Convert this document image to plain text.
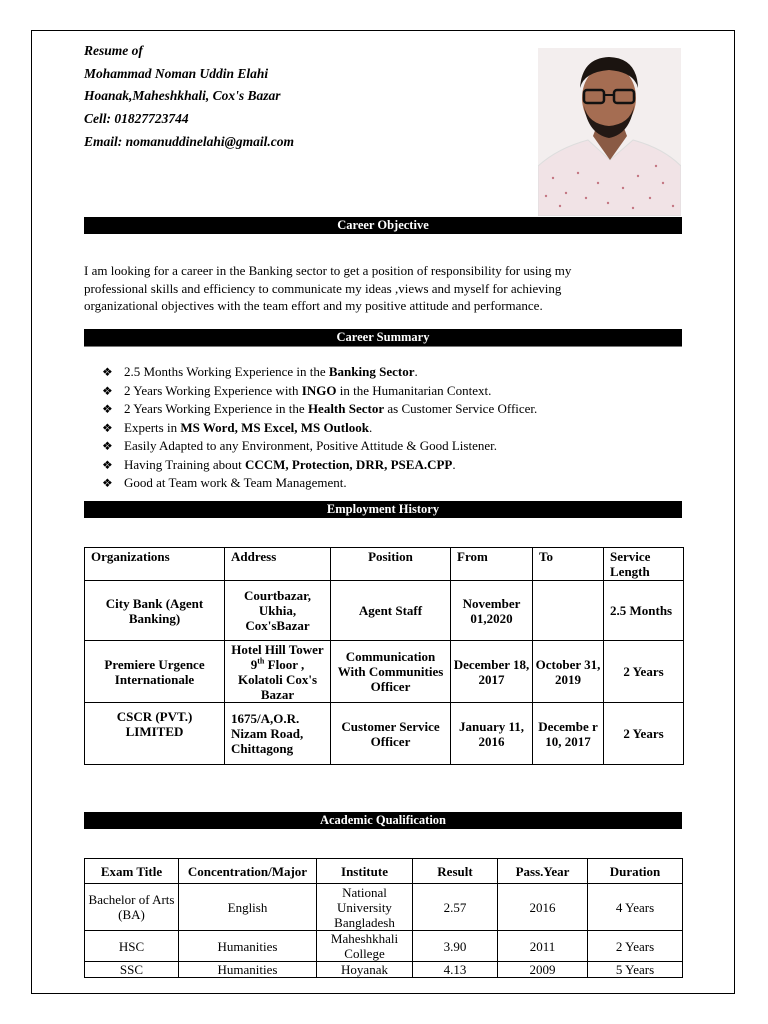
Resume of
Mohammad Noman Uddin Elahi
Hoanak,Maheshkhali, Cox's Bazar
Cell: 01827723744
Email: nomanuddinelahi@gmail.com
Career Objective

I am looking for a career in the Banking sector to get a position of responsibility for using my

professional skills and efficiency to communicate my ideas ,views and myself for achieving

organizational objectives with the team effort and my positive attitude and performance.

Career Summary
❖ 2.5 Months Working Experience in the Banking Sector.
❖ 2 Years Working Experience with INGO in the Humanitarian Context.
❖ 2 Years Working Experience in the Health Sector as Customer Service Officer.
❖ Experts in MS Word, MS Excel, MS Outlook.
❖ Easily Adapted to any Environment, Positive Attitude & Good Listener.
❖ Having Training about CCCM, Protection, DRR, PSEA.CPP.
❖ Good at Team work & Team Management.
Employment History
Organizations	Address	Position	From	To	Service Length
City Bank (Agent Banking)	Courtbazar, Ukhia, Cox'sBazar	Agent Staff	November 01,2020		2.5 Months
Premiere Urgence Internationale	Hotel Hill Tower 9th Floor , Kolatoli Cox's Bazar	Communication With Communities Officer	December 18, 2017	October 31, 2019	2 Years
CSCR (PVT.) LIMITED	1675/A,O.R. Nizam Road, Chittagong	Customer Service Officer	January 11, 2016	Decembe r 10, 2017	2 Years
Academic Qualification
Exam Title	Concentration/Major	Institute	Result	Pass.Year	Duration
Bachelor of Arts (BA)	English	National University Bangladesh	2.57	2016	4 Years
HSC	Humanities	Maheshkhali College	3.90	2011	2 Years
SSC	Humanities	Hoyanak	4.13	2009	5 Years
